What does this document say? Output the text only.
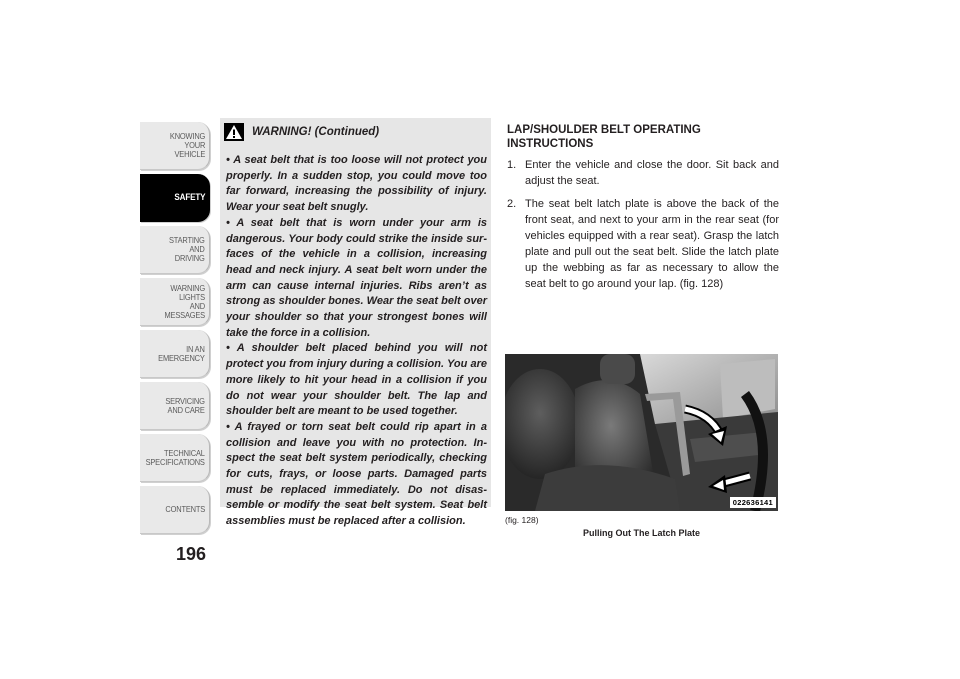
KNOWING
YOUR
VEHICLE
SAFETY
STARTING
AND
DRIVING
WARNING
LIGHTS
AND
MESSAGES
IN AN
EMERGENCY
SERVICING
AND CARE
TECHNICAL
SPECIFICATIONS
CONTENTS
196
WARNING! (Continued)

• A seat belt that is too loose will not protect you properly. In a sudden stop, you could move too far forward, increasing the possibility of injury. Wear your seat belt snugly.

• A seat belt that is worn under your arm is dangerous. Your body could strike the inside sur-faces of the vehicle in a collision, increasing head and neck injury. A seat belt worn under the arm can cause internal injuries. Ribs aren’t as strong as shoulder bones. Wear the seat belt over your shoulder so that your strongest bones will take the force in a collision.

• A shoulder belt placed behind you will not protect you from injury during a collision. You are more likely to hit your head in a collision if you do not wear your shoulder belt. The lap and shoulder belt are meant to be used together.

• A frayed or torn seat belt could rip apart in a collision and leave you with no protection. In-spect the seat belt system periodically, checking for cuts, frays, or loose parts. Damaged parts must be replaced immediately. Do not disas-semble or modify the seat belt system. Seat belt assemblies must be replaced after a collision.

LAP/SHOULDER BELT OPERATING INSTRUCTIONS
1. Enter the vehicle and close the door. Sit back and adjust the seat.
2. The seat belt latch plate is above the back of the front seat, and next to your arm in the rear seat (for vehicles equipped with a rear seat). Grasp the latch plate and pull out the seat belt. Slide the latch plate up the webbing as far as necessary to allow the seat belt to go around your lap. (fig. 128)
022636141
(fig. 128)
Pulling Out The Latch Plate
